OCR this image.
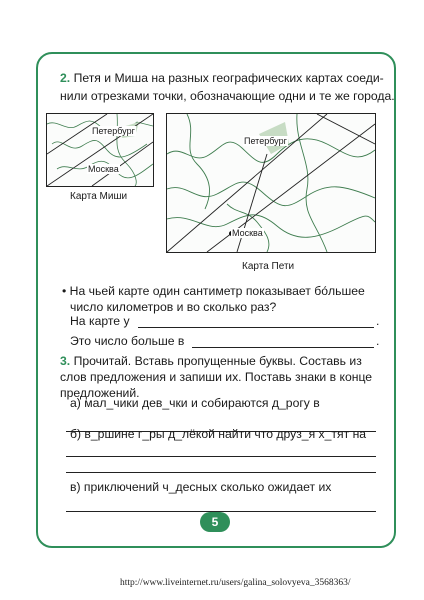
2. Петя и Миша на разных географических картах соеди-
нили отрезками точки, обозначающие одни и те же города.
Петербург
Москва
Карта Миши
Петербург
Москва
Карта Пети
• На чьей карте один сантиметр показывает бо́льшее
число километров и во сколько раз?
На карте у	.
Это число больше в	.
3. Прочитай. Вставь пропущенные буквы. Составь из
слов предложения и запиши их. Поставь знаки в конце
предложений.
а) мал_чики дев_чки и собираются д_рогу в
б) в_ршине г_ры д_лёкой найти что друз_я х_тят на
в) приключений ч_десных сколько ожидает их
5
http://www.liveinternet.ru/users/galina_solovyeva_3568363/
